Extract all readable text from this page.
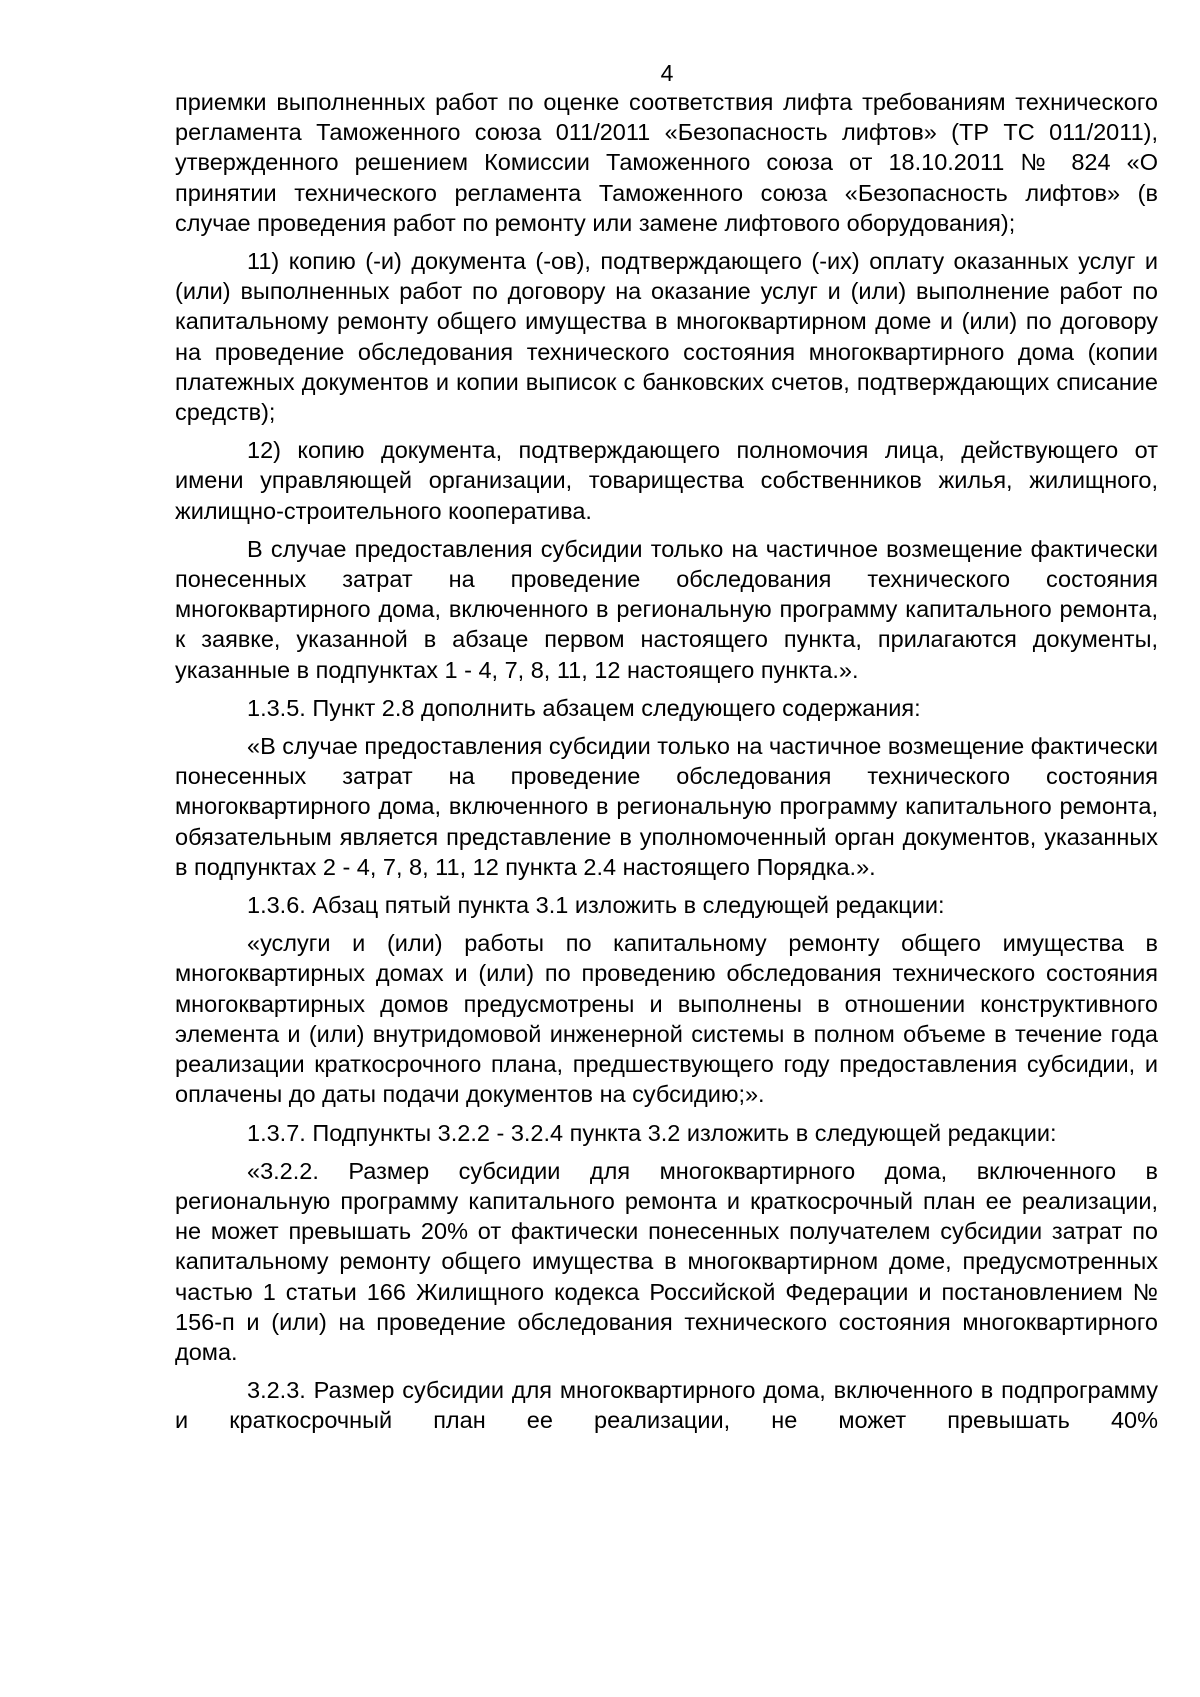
4

приемки выполненных работ по оценке соответствия лифта требованиям технического регламента Таможенного союза 011/2011 «Безопасность лифтов» (ТР ТС 011/2011), утвержденного решением Комиссии Таможенного союза от 18.10.2011 № 824 «О принятии технического регламента Таможенного союза «Безопасность лифтов» (в случае проведения работ по ремонту или замене лифтового оборудования);

11) копию (-и) документа (-ов), подтверждающего (-их) оплату оказанных услуг и (или) выполненных работ по договору на оказание услуг и (или) выполнение работ по капитальному ремонту общего имущества в многоквартирном доме и (или) по договору на проведение обследования технического состояния многоквартирного дома (копии платежных документов и копии выписок с банковских счетов, подтверждающих списание средств);

12) копию документа, подтверждающего полномочия лица, действующего от имени управляющей организации, товарищества собственников жилья, жилищного, жилищно-строительного кооператива.

В случае предоставления субсидии только на частичное возмещение фактически понесенных затрат на проведение обследования технического состояния многоквартирного дома, включенного в региональную программу капитального ремонта, к заявке, указанной в абзаце первом настоящего пункта, прилагаются документы, указанные в подпунктах 1 - 4, 7, 8, 11, 12 настоящего пункта.».

1.3.5. Пункт 2.8 дополнить абзацем следующего содержания:

«В случае предоставления субсидии только на частичное возмещение фактически понесенных затрат на проведение обследования технического состояния многоквартирного дома, включенного в региональную программу капитального ремонта, обязательным является представление в уполномоченный орган документов, указанных в подпунктах 2 - 4, 7, 8, 11, 12 пункта 2.4 настоящего Порядка.».

1.3.6. Абзац пятый пункта 3.1 изложить в следующей редакции:

«услуги и (или) работы по капитальному ремонту общего имущества в многоквартирных домах и (или) по проведению обследования технического состояния многоквартирных домов предусмотрены и выполнены в отношении конструктивного элемента и (или) внутридомовой инженерной системы в полном объеме в течение года реализации краткосрочного плана, предшествующего году предоставления субсидии, и оплачены до даты подачи документов на субсидию;».

1.3.7. Подпункты 3.2.2 - 3.2.4 пункта 3.2 изложить в следующей редакции:

«3.2.2. Размер субсидии для многоквартирного дома, включенного в региональную программу капитального ремонта и краткосрочный план ее реализации, не может превышать 20% от фактически понесенных получателем субсидии затрат по капитальному ремонту общего имущества в многоквартирном доме, предусмотренных частью 1 статьи 166 Жилищного кодекса Российской Федерации и постановлением № 156-п и (или) на проведение обследования технического состояния многоквартирного дома.

3.2.3. Размер субсидии для многоквартирного дома, включенного в подпрограмму и краткосрочный план ее реализации, не может превышать 40%
